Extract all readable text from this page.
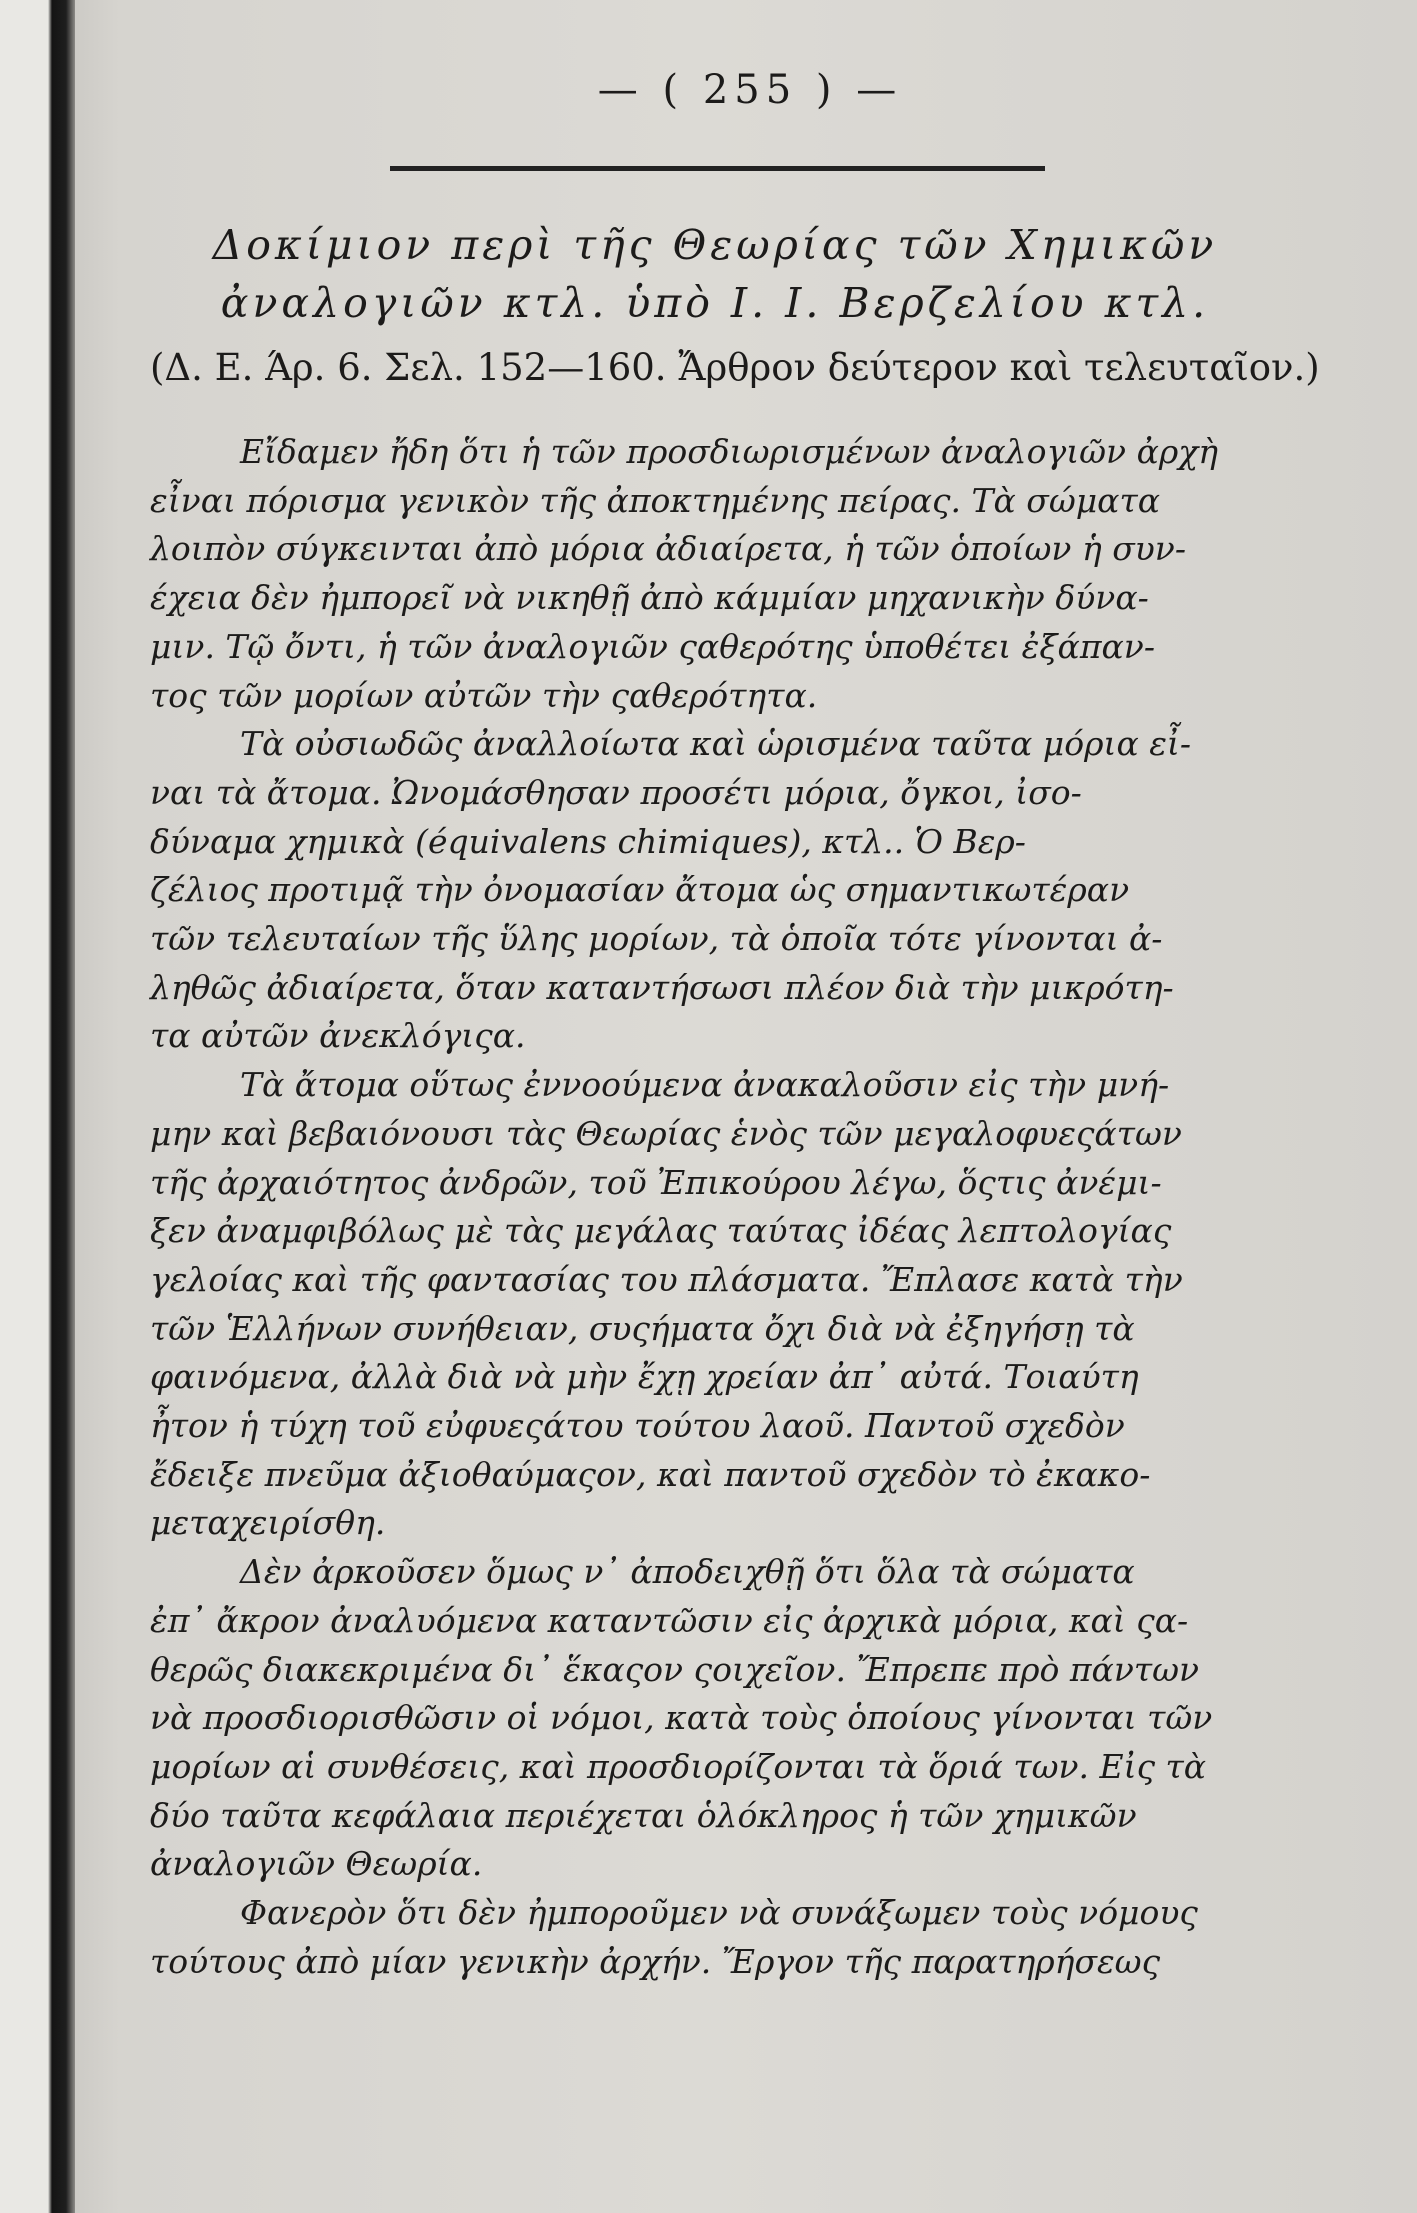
— ( 255 ) —
Δοκίμιον περὶ τῆς Θεωρίας τῶν Χημικῶν
ἀναλογιῶν κτλ. ὑπὸ Ι. Ι. Βερζελίου κτλ.
(Δ. Ε. Άρ. 6. Σελ. 152—160. Ἄρθρον δεύτερον καὶ τελευταῖον.)

Εἴδαμεν ἤδη ὅτι ἡ τῶν προσδιωρισμένων ἀναλογιῶν ἀρχὴ
εἶναι πόρισμα γενικὸν τῆς ἀποκτημένης πείρας. Τὰ σώματα
λοιπὸν σύγκεινται ἀπὸ μόρια ἀδιαίρετα, ἡ τῶν ὁποίων ἡ συν-
έχεια δὲν ἠμπορεῖ νὰ νικηθῇ ἀπὸ κάμμίαν μηχανικὴν δύνα-
μιν. Τῷ ὄντι, ἡ τῶν ἀναλογιῶν ςαθερότης ὑποθέτει ἐξάπαν-
τος τῶν μορίων αὐτῶν τὴν ςαθερότητα.

Τὰ οὐσιωδῶς ἀναλλοίωτα καὶ ὡρισμένα ταῦτα μόρια εἶ-
ναι τὰ ἄτομα. Ὠνομάσθησαν προσέτι μόρια, ὄγκοι, ἰσο-
δύναμα χημικὰ (équivalens chimiques), κτλ.. Ὁ Βερ-
ζέλιος προτιμᾷ τὴν ὀνομασίαν ἄτομα ὡς σημαντικωτέραν
τῶν τελευταίων τῆς ὕλης μορίων, τὰ ὁποῖα τότε γίνονται ἀ-
ληθῶς ἀδιαίρετα, ὅταν καταντήσωσι πλέον διὰ τὴν μικρότη-
τα αὐτῶν ἀνεκλόγιςα.

Τὰ ἄτομα οὕτως ἐννοούμενα ἀνακαλοῦσιν εἰς τὴν μνή-
μην καὶ βεβαιόνουσι τὰς Θεωρίας ἑνὸς τῶν μεγαλοφυεςάτων
τῆς ἀρχαιότητος ἀνδρῶν, τοῦ Ἐπικούρου λέγω, ὅςτις ἀνέμι-
ξεν ἀναμφιβόλως μὲ τὰς μεγάλας ταύτας ἰδέας λεπτολογίας
γελοίας καὶ τῆς φαντασίας του πλάσματα. Ἔπλασε κατὰ τὴν
τῶν Ἑλλήνων συνήθειαν, συςήματα ὄχι διὰ νὰ ἐξηγήσῃ τὰ
φαινόμενα, ἀλλὰ διὰ νὰ μὴν ἔχῃ χρείαν ἀπ᾽ αὐτά. Τοιαύτη
ἦτον ἡ τύχη τοῦ εὐφυεςάτου τούτου λαοῦ. Παντοῦ σχεδὸν
ἔδειξε πνεῦμα ἀξιοθαύμαςον, καὶ παντοῦ σχεδὸν τὸ ἐκακο-
μεταχειρίσθη.

Δὲν ἀρκοῦσεν ὅμως ν᾽ ἀποδειχθῇ ὅτι ὅλα τὰ σώματα
ἐπ᾽ ἄκρον ἀναλυόμενα καταντῶσιν εἰς ἀρχικὰ μόρια, καὶ ςα-
θερῶς διακεκριμένα δι᾽ ἕκαςον ςοιχεῖον. Ἔπρεπε πρὸ πάντων
νὰ προσδιορισθῶσιν οἱ νόμοι, κατὰ τοὺς ὁποίους γίνονται τῶν
μορίων αἱ συνθέσεις, καὶ προσδιορίζονται τὰ ὅριά των. Εἰς τὰ
δύο ταῦτα κεφάλαια περιέχεται ὁλόκληρος ἡ τῶν χημικῶν
ἀναλογιῶν Θεωρία.

Φανερὸν ὅτι δὲν ἠμποροῦμεν νὰ συνάξωμεν τοὺς νόμους
τούτους ἀπὸ μίαν γενικὴν ἀρχήν. Ἔργον τῆς παρατηρήσεως
